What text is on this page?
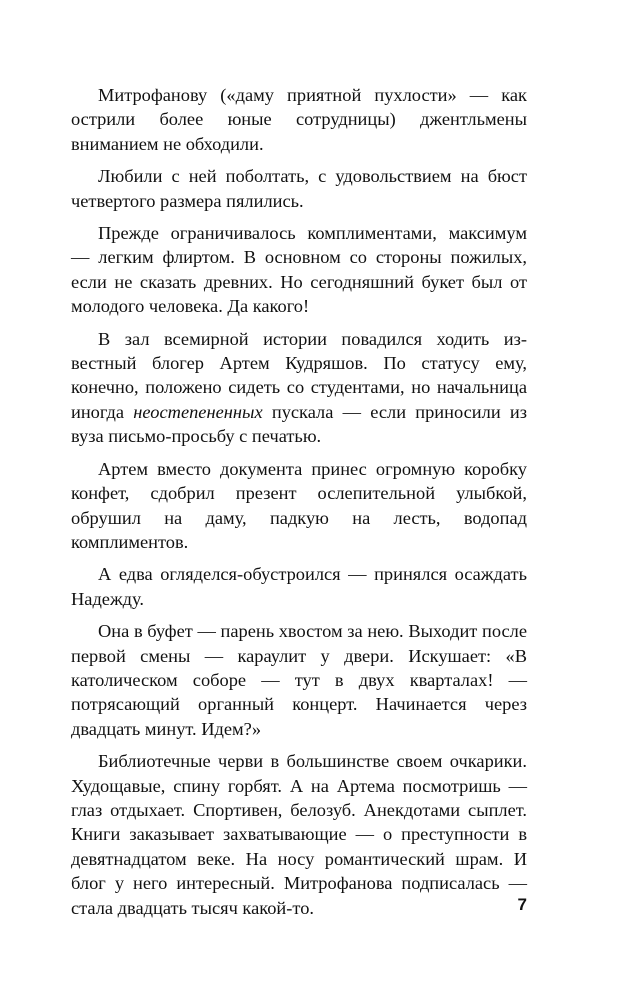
Митрофанову («даму приятной пухлости» — как острили более юные сотрудницы) джентльмены вниманием не обходили.

Любили с ней поболтать, с удовольствием на бюст четвертого размера пялились.

Прежде ограничивалось комплиментами, максимум — легким флиртом. В основном со стороны пожилых, если не сказать древних. Но сегодняшний букет был от молодого человека. Да какого!

В зал всемирной истории повадился ходить известный блогер Артем Кудряшов. По статусу ему, конечно, положено сидеть со студентами, но начальница иногда неостепененных пускала — если приносили из вуза письмо-просьбу с печатью.

Артем вместо документа принес огромную коробку конфет, сдобрил презент ослепительной улыбкой, обрушил на даму, падкую на лесть, водопад комплиментов.

А едва огляделся-обустроился — принялся осаждать Надежду.

Она в буфет — парень хвостом за нею. Выходит после первой смены — караулит у двери. Искушает: «В католическом соборе — тут в двух кварталах! — потрясающий органный концерт. Начинается через двадцать минут. Идем?»

Библиотечные черви в большинстве своем очкарики. Худощавые, спину горбят. А на Артема посмотришь — глаз отдыхает. Спортивен, белозуб. Анекдотами сыплет. Книги заказывает захватывающие — о преступности в девятнадцатом веке. На носу романтический шрам. И блог у него интересный. Митрофанова подписалась — стала двадцать тысяч какой-то.	7
